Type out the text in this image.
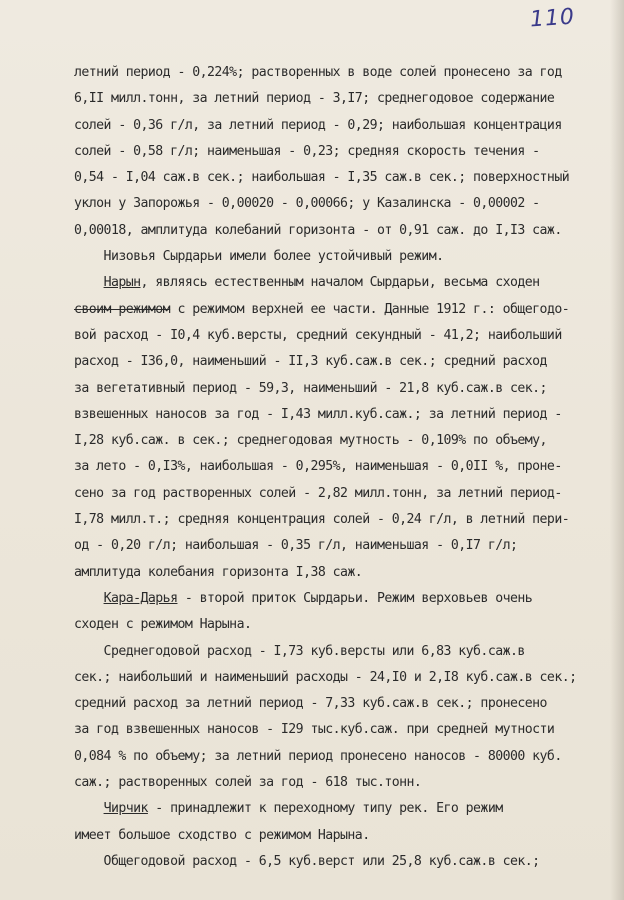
110
летний период - 0,224%; растворенных в воде солей пронесено за год
6,II милл.тонн, за летний период - 3,I7; среднегодовое содержание
солей - 0,36 г/л, за летний период - 0,29; наибольшая концентрация
солей - 0,58 г/л; наименьшая - 0,23; средняя скорость течения -
0,54 - I,04 саж.в сек.; наибольшая - I,35 саж.в сек.; поверхностный
уклон у Запорожья - 0,00020 - 0,00066; у Казалинска - 0,00002 -
0,00018, амплитуда колебаний горизонта - от 0,91 саж. до I,I3 саж.
Низовья Сырдарьи имели более устойчивый режим.
Нарын, являясь естественным началом Сырдарьи, весьма сходен
своим режимом с режимом верхней ее части. Данные 1912 г.: общегодо-
вой расход - I0,4 куб.версты, средний секундный - 41,2; наибольший
расход - I36,0, наименьший - II,3 куб.саж.в сек.; средний расход
за вегетативный период - 59,3, наименьший - 21,8 куб.саж.в сек.;
взвешенных наносов за год - I,43 милл.куб.саж.; за летний период -
I,28 куб.саж. в сек.; среднегодовая мутность - 0,109% по объему,
за лето - 0,I3%, наибольшая - 0,295%, наименьшая - 0,0II %, проне-
сено за год растворенных солей - 2,82 милл.тонн, за летний период-
I,78 милл.т.; средняя концентрация солей - 0,24 г/л, в летний пери-
од - 0,20 г/л; наибольшая - 0,35 г/л, наименьшая - 0,I7 г/л;
амплитуда колебания горизонта I,38 саж.
Кара-Дарья - второй приток Сырдарьи. Режим верховьев очень
сходен с режимом Нарына.
Среднегодовой расход - I,73 куб.версты или 6,83 куб.саж.в
сек.; наибольший и наименьший расходы - 24,I0 и 2,I8 куб.саж.в сек.;
средний расход за летний период - 7,33 куб.саж.в сек.; пронесено
за год взвешенных наносов - I29 тыс.куб.саж. при средней мутности
0,084 % по объему; за летний период пронесено наносов - 80000 куб.
саж.; растворенных солей за год - 618 тыс.тонн.
Чирчик - принадлежит к переходному типу рек. Его режим
имеет большое сходство с режимом Нарына.
Общегодовой расход - 6,5 куб.верст или 25,8 куб.саж.в сек.;
